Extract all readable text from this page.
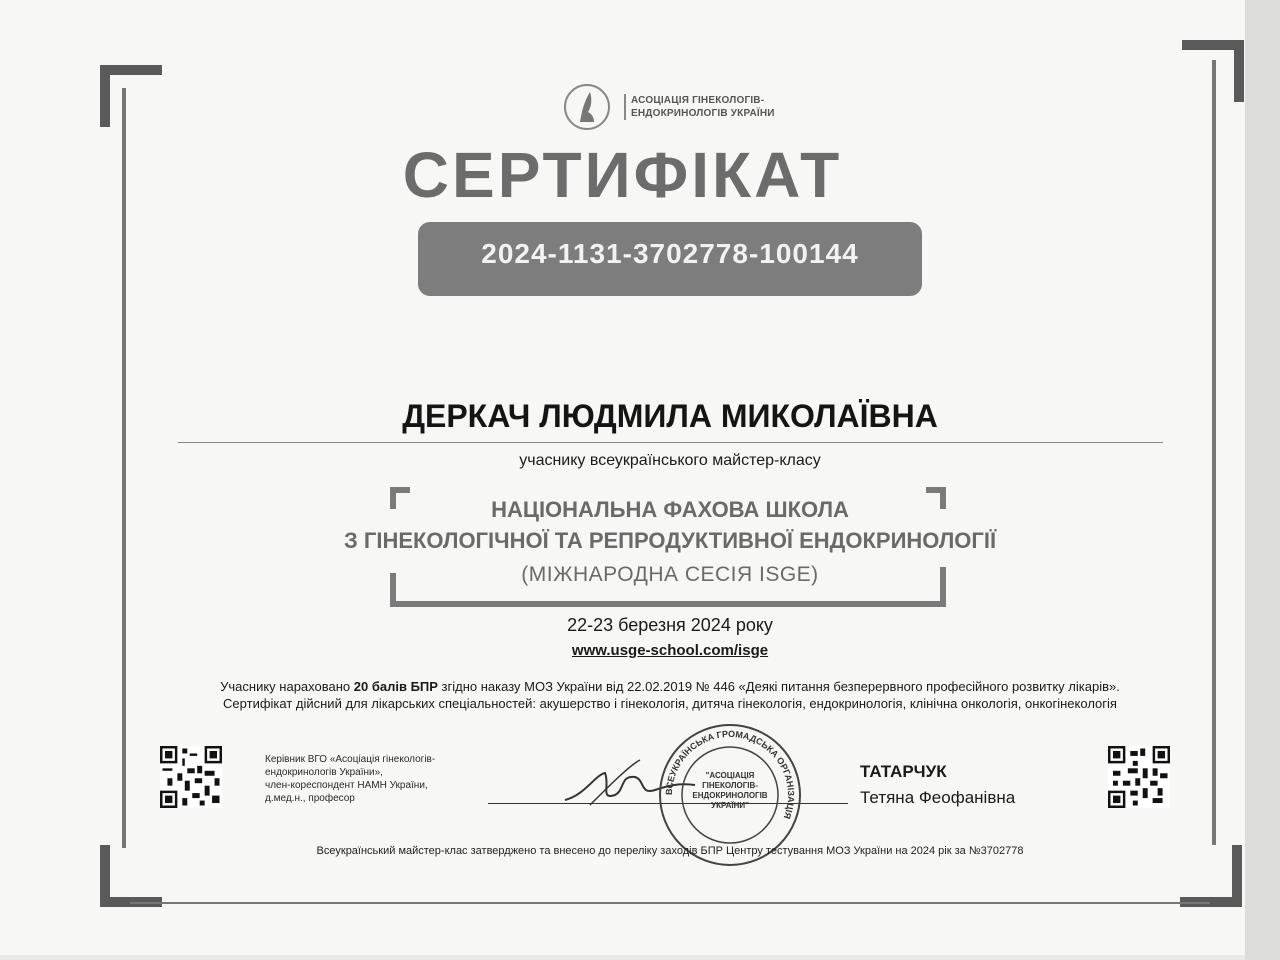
АСОЦІАЦІЯ ГІНЕКОЛОГІВ-
ЕНДОКРИНОЛОГІВ УКРАЇНИ
СЕРТИФІКАТ
2024-1131-3702778-100144
ДЕРКАЧ ЛЮДМИЛА МИКОЛАЇВНА
учаснику всеукраїнського майстер-класу
НАЦІОНАЛЬНА ФАХОВА ШКОЛА
З ГІНЕКОЛОГІЧНОЇ ТА РЕПРОДУКТИВНОЇ ЕНДОКРИНОЛОГІЇ
(МІЖНАРОДНА СЕСІЯ ISGE)
22-23 березня 2024 року
www.usge-school.com/isge
Учаснику нараховано 20 балів БПР згідно наказу МОЗ України від 22.02.2019 № 446 «Деякі питання безперервного професійного розвитку лікарів». Сертифікат дійсний для лікарських спеціальностей: акушерство і гінекологія, дитяча гінекологія, ендокринологія, клінічна онкологія, онкогінекологія
Керівник ВГО «Асоціація гінекологів-
ендокринологів України»,
член-кореспондент НАМН України,
д.мед.н., професор
ВСЕУКРАЇНСЬКА ГРОМАДСЬКА ОРГАНІЗАЦІЯ
"АСОЦІАЦІЯ
ГІНЕКОЛОГІВ-
ЕНДОКРИНОЛОГІВ
УКРАЇНИ"
ТАТАРЧУК
Тетяна Феофанівна
Всеукраїнський майстер-клас затверджено та внесено до переліку заходів БПР Центру тестування МОЗ України на 2024 рік за №3702778
